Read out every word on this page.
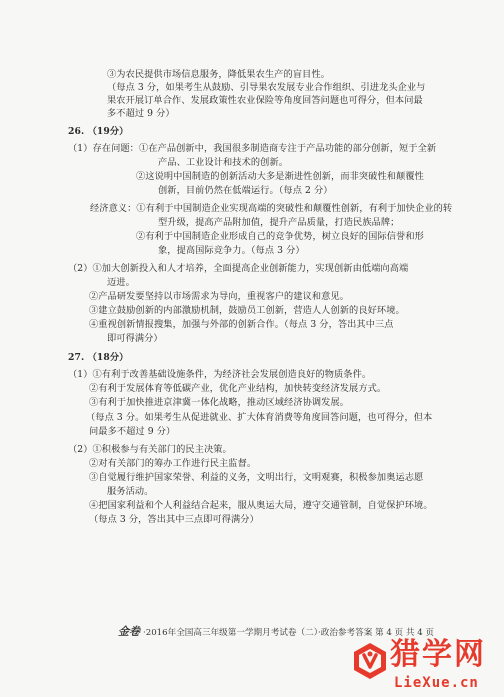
③为农民提供市场信息服务，降低果农生产的盲目性。
（每点 3 分，如果考生从鼓励、引导果农发展专业合作组织、引进龙头企业与
果农开展订单合作、发展政策性农业保险等角度回答问题也可得分，但本问最
多不超过 9 分）
26. （19分）
（1）存在问题：①在产品创新中，我国很多制造商专注于产品功能的部分创新，短于全新
产品、工业设计和技术的创新。
②这说明中国制造的创新活动大多是渐进性创新，而非突破性和颠覆性
创新，目前仍然在低端运行。（每点 2 分）
经济意义：①有利于中国制造企业实现高端的突破性和颠覆性创新，有利于加快企业的转
型升级，提高产品附加值，提升产品质量，打造民族品牌；
②有利于中国制造企业形成自己的竞争优势，树立良好的国际信誉和形
象，提高国际竞争力。（每点 3 分）
（2）①加大创新投入和人才培养，全面提高企业创新能力，实现创新由低端向高端
迈进。
②产品研发要坚持以市场需求为导向，重视客户的建议和意见。
③建立鼓励创新的内部激励机制，鼓励员工创新，营造人人创新的良好环境。
④重视创新情报搜集，加强与外部的创新合作。（每点 3 分，答出其中三点
即可得满分）
27. （18分）
（1）①有利于改善基础设施条件，为经济社会发展创造良好的物质条件。
②有利于发展体育等低碳产业，优化产业结构，加快转变经济发展方式。
③有利于加快推进京津冀一体化战略，推动区域经济协调发展。
（每点 3 分。如果考生从促进就业、扩大体育消费等角度回答问题，也可得分，但本
问最多不超过 9 分）
（2）①积极参与有关部门的民主决策。
②对有关部门的筹办工作进行民主监督。
③自觉履行维护国家荣誉、利益的义务，文明出行，文明观赛，积极参加奥运志愿
服务活动。
④把国家利益和个人利益结合起来，服从奥运大局，遵守交通管制，自觉保护环境。
（每点 3 分，答出其中三点即可得满分）
金卷 ·2016年全国高三年级第一学期月考试卷（二）·政治参考答案 第 4 页 共 4 页
猎学网
LieXue.cn
